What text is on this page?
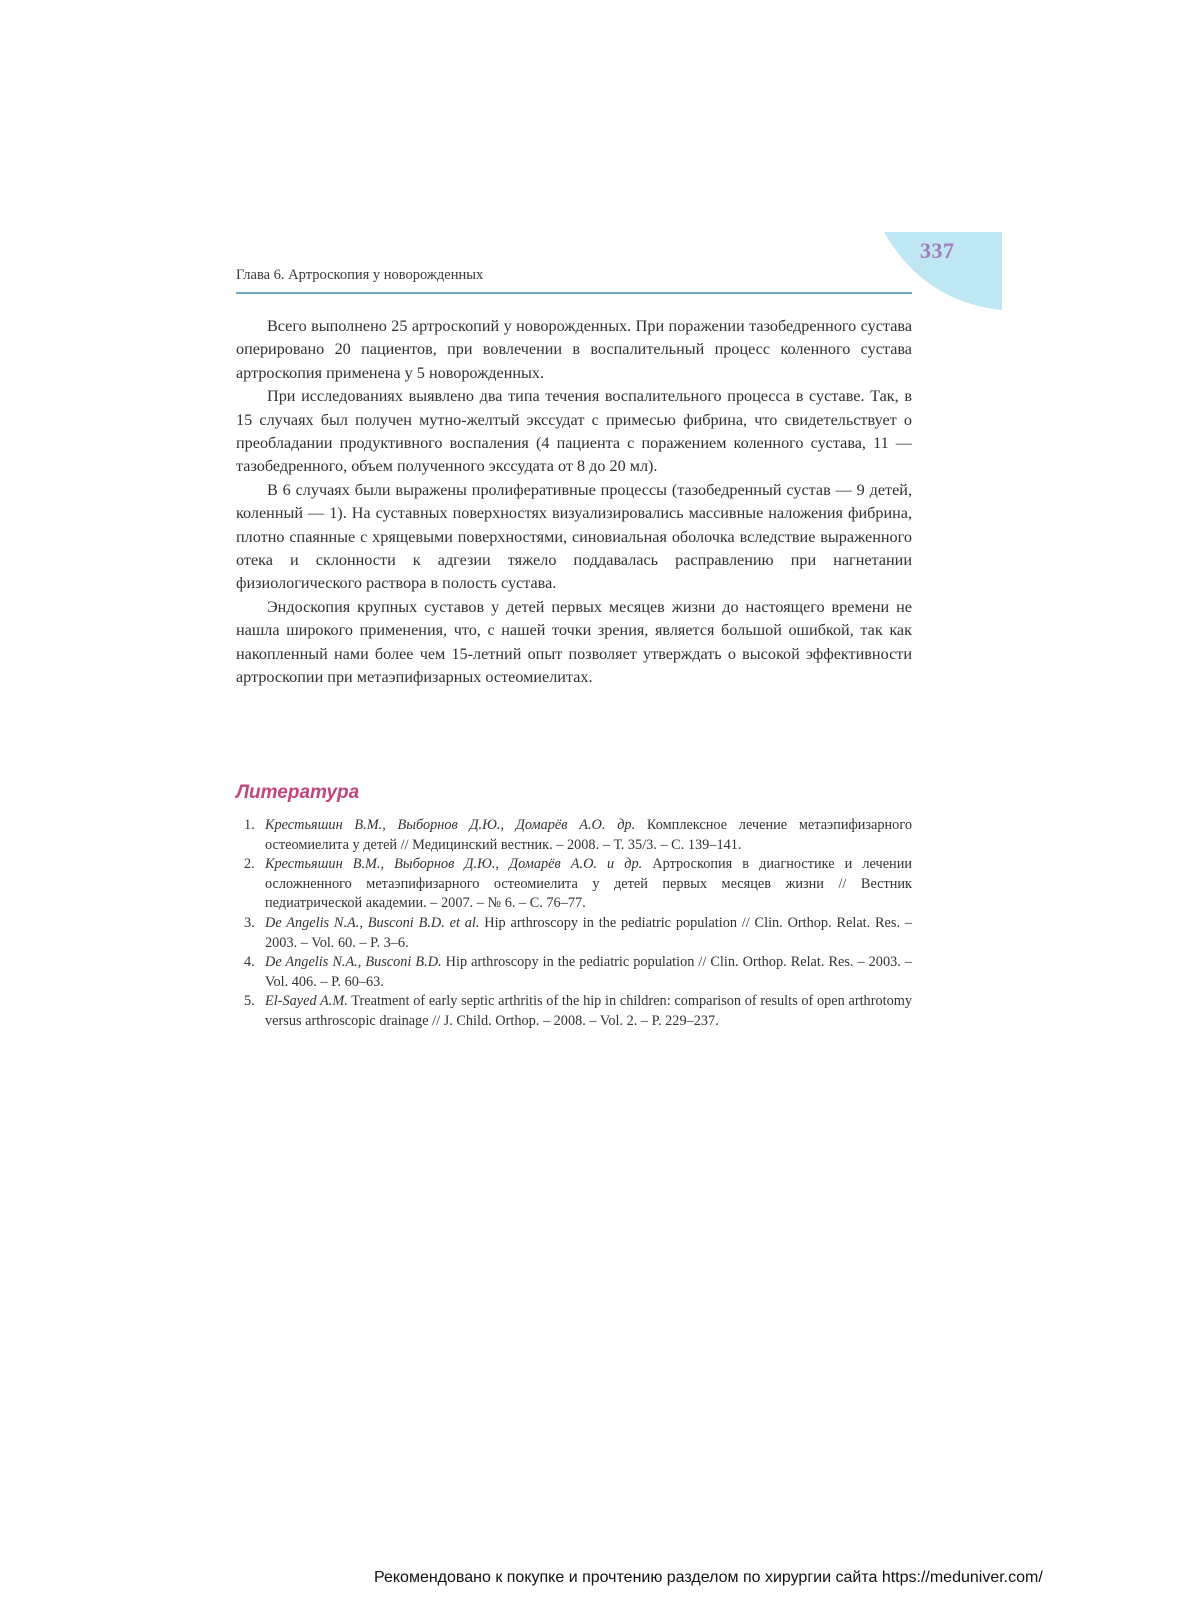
337
Глава 6. Артроскопия у новорожденных

Всего выполнено 25 артроскопий у новорожденных. При поражении тазобедренного сустава оперировано 20 пациентов, при вовлечении в воспалительный процесс коленного сустава артроскопия применена у 5 новорожденных.

При исследованиях выявлено два типа течения воспалительного процесса в суставе. Так, в 15 случаях был получен мутно-желтый экссудат с примесью фибрина, что свидетельствует о преобладании продуктивного воспаления (4 пациента с поражением коленного сустава, 11 — тазобедренного, объем полученного экссудата от 8 до 20 мл).

В 6 случаях были выражены пролиферативные процессы (тазобедренный сустав — 9 детей, коленный — 1). На суставных поверхностях визуализировались массивные наложения фибрина, плотно спаянные с хрящевыми поверхностями, синовиальная оболочка вследствие выраженного отека и склонности к адгезии тяжело поддавалась расправлению при нагнетании физиологического раствора в полость сустава.

Эндоскопия крупных суставов у детей первых месяцев жизни до настоящего времени не нашла широкого применения, что, с нашей точки зрения, является большой ошибкой, так как накопленный нами более чем 15-летний опыт позволяет утверждать о высокой эффективности артроскопии при метаэпифизарных остеомиелитах.

Литература
1. Крестьяшин В.М., Выборнов Д.Ю., Домарёв А.О. др. Комплексное лечение метаэпифизарного остеомиелита у детей // Медицинский вестник. – 2008. – Т. 35/3. – С. 139–141.
2. Крестьяшин В.М., Выборнов Д.Ю., Домарёв А.О. и др. Артроскопия в диагностике и лечении осложненного метаэпифизарного остеомиелита у детей первых месяцев жизни // Вестник педиатрической академии. – 2007. – № 6. – С. 76–77.
3. De Angelis N.A., Busconi B.D. et al. Hip arthroscopy in the pediatric population // Clin. Orthop. Relat. Res. – 2003. – Vol. 60. – P. 3–6.
4. De Angelis N.A., Busconi B.D. Hip arthroscopy in the pediatric population // Clin. Orthop. Relat. Res. – 2003. – Vol. 406. – P. 60–63.
5. El-Sayed A.M. Treatment of early septic arthritis of the hip in children: comparison of results of open arthrotomy versus arthroscopic drainage // J. Child. Orthop. – 2008. – Vol. 2. – P. 229–237.
Рекомендовано к покупке и прочтению разделом по хирургии сайта https://meduniver.com/
